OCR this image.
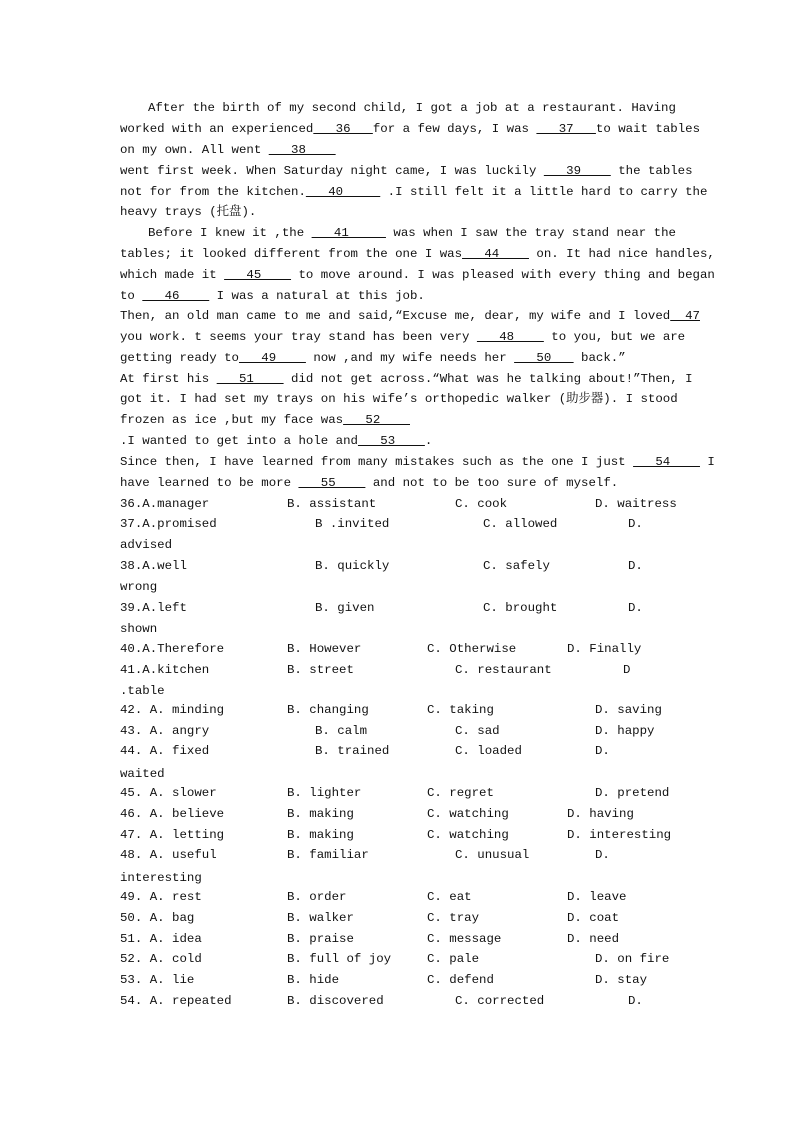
After the birth of my second child, I got a job at a restaurant. Having
worked with an experienced   36   for a few days, I was    37   to wait tables
on my own. All went    38
went first week. When Saturday night came, I was luckily    39     the tables
not for from the kitchen.   40      .I still felt it a little hard to carry the
heavy trays (托盘).
Before I knew it ,the    41      was when I saw the tray stand near the
tables; it looked different from the one I was   44     on. It had nice handles,
which made it    45     to move around. I was pleased with every thing and began
to    46     I was a natural at this job.
Then, an old man came to me and said,“Excuse me, dear, my wife and I loved  47
you work. t seems your tray stand has been very    48     to you, but we are
getting ready to   49     now ,and my wife needs her    50    back.”
At first his    51     did not get across.“What was he talking about!”Then, I
got it. I had set my trays on his wife’s orthopedic walker (助步器). I stood
frozen as ice ,but my face was   52
.I wanted to get into a hole and   53    .
Since then, I have learned from many mistakes such as the one I just    54     I
have learned to be more    55     and not to be too sure of myself.
36.A.manager	B. assistant	C. cook	D. waitress
37.A.promised	B .invited	C. allowed	D.
advised
38.A.well	B. quickly	C. safely	D.
wrong
39.A.left	B. given	C. brought	D.
shown
40.A.Therefore	B. However	C. Otherwise	D. Finally
41.A.kitchen	B. street	C. restaurant	D
.table
42. A. minding	B. changing	C. taking	D. saving
43. A. angry	B. calm	C. sad	D. happy
44. A. fixed	B. trained	C. loaded	D.
waited
45. A. slower	B. lighter	C. regret	D. pretend
46. A. believe	B. making	C. watching	D. having
47. A. letting	B. making	C. watching	D. interesting
48. A. useful	B. familiar	C. unusual	D.
interesting
49. A. rest	B. order	C. eat	D. leave
50. A. bag	B. walker	C. tray	D. coat
51. A. idea	B. praise	C. message	D. need
52. A. cold	B. full of joy	C. pale	D. on fire
53. A. lie	B. hide	C. defend	D. stay
54. A. repeated	B. discovered	C. corrected	D.
